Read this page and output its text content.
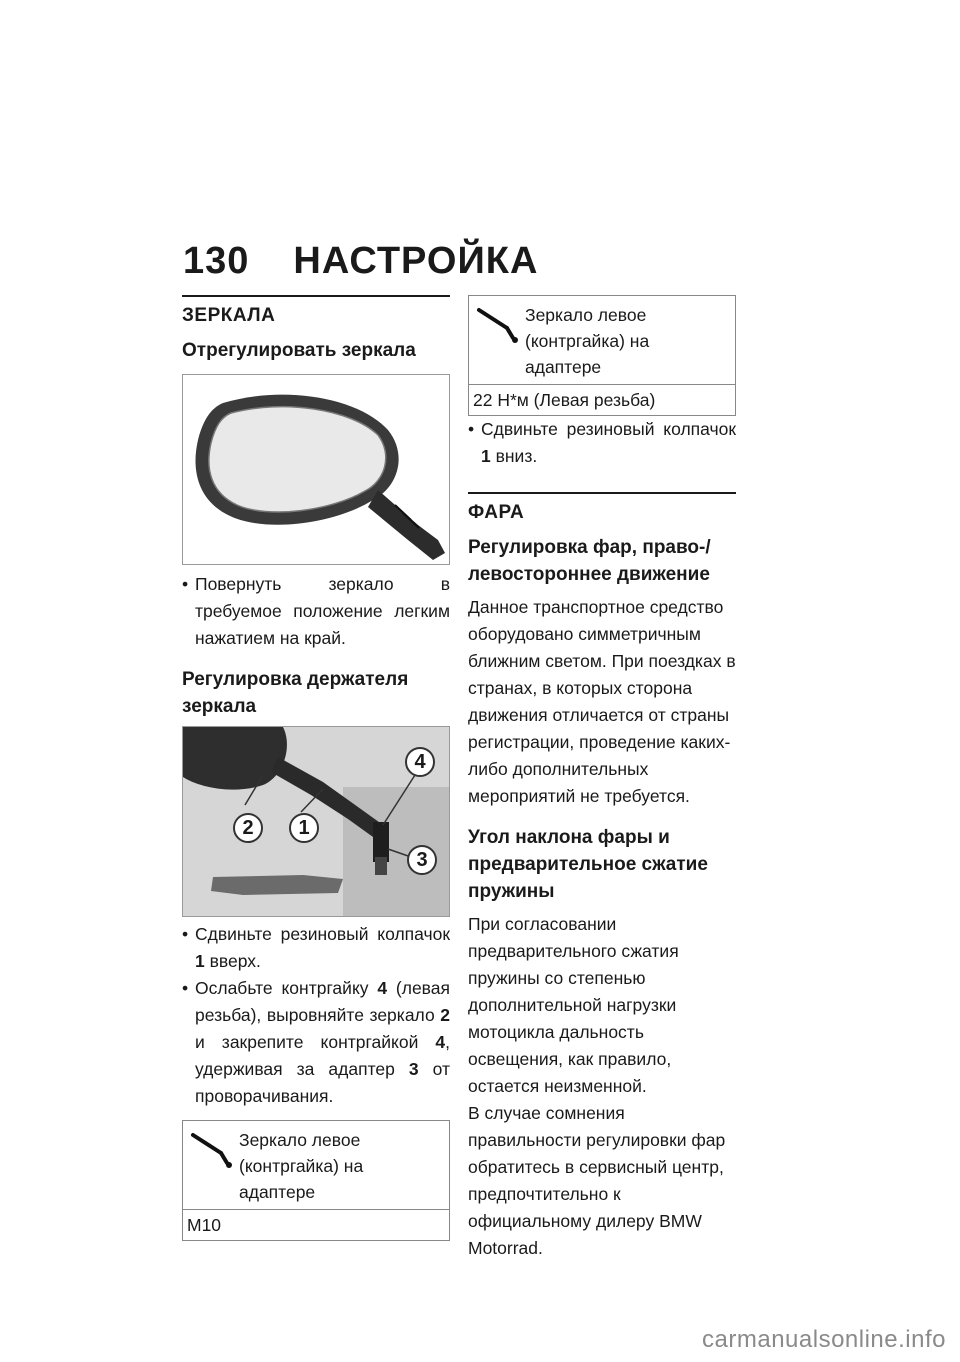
130 НАСТРОЙКА
ЗЕРКАЛА
Отрегулировать зеркала
• Повернуть зеркало в требуемое положение легким нажатием на край.
Регулировка держателя зеркала
4
2	1
3
• Сдвиньте резиновый колпачок 1 вверх.
• Ослабьте контргайку 4 (левая резьба), выровняйте зеркало 2 и закрепите контргайкой 4, удерживая за адаптер 3 от проворачивания.
Зеркало левое (контргайка) на адаптере
M10
Зеркало левое (контргайка) на адаптере
22 Н*м (Левая резьба)
• Сдвиньте резиновый колпачок 1 вниз.
ФАРА
Регулировка фар, право-/левостороннее движение
Данное транспортное средство оборудовано симметричным ближним светом. При поездках в странах, в которых сторона движения отличается от страны регистрации, проведение каких-либо дополнительных мероприятий не требуется.
Угол наклона фары и предварительное сжатие пружины
При согласовании предварительного сжатия пружины со степенью дополнительной нагрузки мотоцикла дальность освещения, как правило, остается неизменной.
В случае сомнения правильности регулировки фар обратитесь в сервисный центр, предпочтительно к официальному дилеру BMW Motorrad.
carmanualsonline.info
